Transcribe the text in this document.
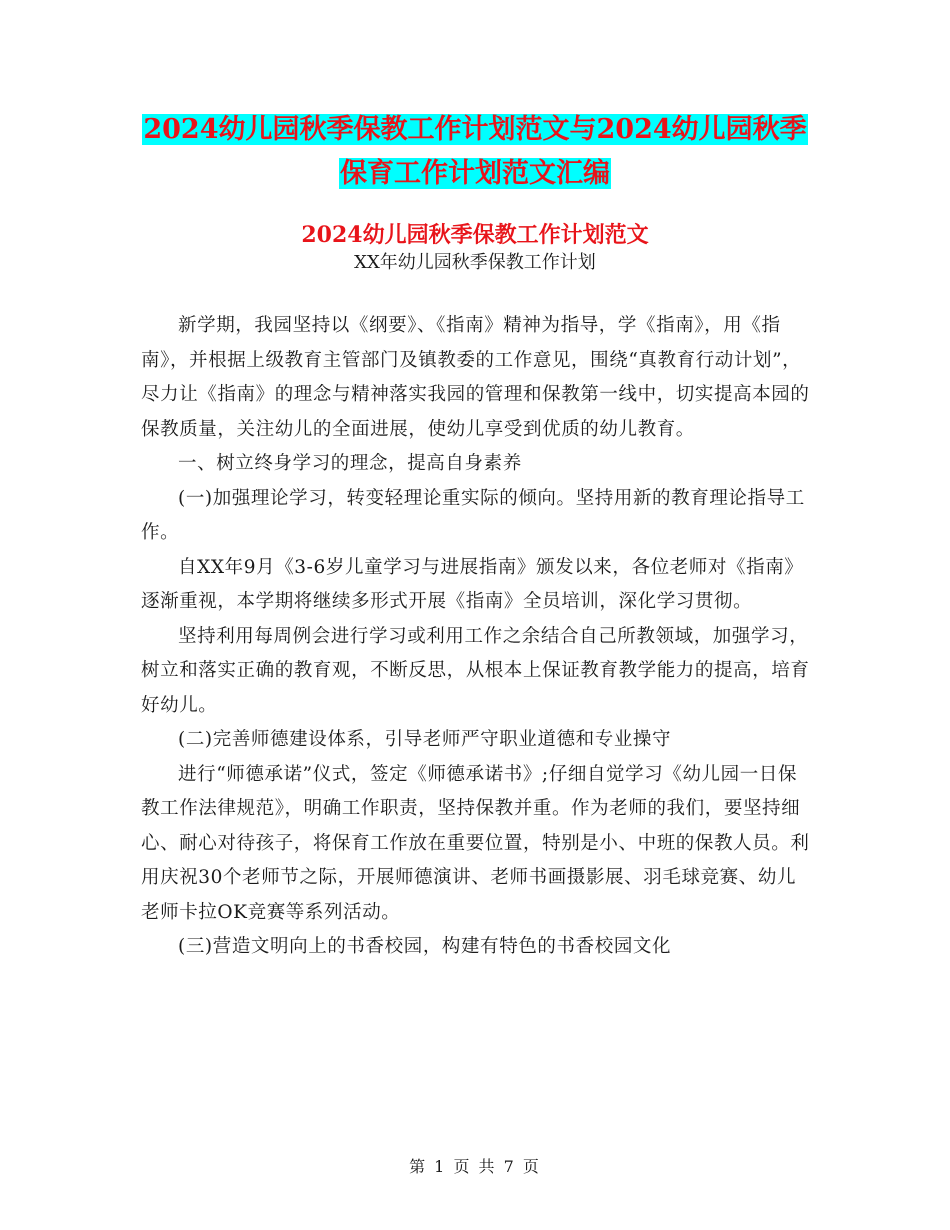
2024幼儿园秋季保教工作计划范文与2024幼儿园秋季
保育工作计划范文汇编
2024幼儿园秋季保教工作计划范文
XX年幼儿园秋季保教工作计划

新学期，我园坚持以《纲要》、《指南》精神为指导，学《指南》，用《指南》，并根据上级教育主管部门及镇教委的工作意见，围绕“真教育行动计划”，尽力让《指南》的理念与精神落实我园的管理和保教第一线中，切实提高本园的保教质量，关注幼儿的全面进展，使幼儿享受到优质的幼儿教育。

一、树立终身学习的理念，提高自身素养

(一)加强理论学习，转变轻理论重实际的倾向。坚持用新的教育理论指导工作。

自XX年9月《3-6岁儿童学习与进展指南》颁发以来，各位老师对《指南》逐渐重视，本学期将继续多形式开展《指南》全员培训，深化学习贯彻。

坚持利用每周例会进行学习或利用工作之余结合自己所教领域，加强学习，树立和落实正确的教育观，不断反思，从根本上保证教育教学能力的提高，培育好幼儿。

(二)完善师德建设体系，引导老师严守职业道德和专业操守

进行“师德承诺”仪式，签定《师德承诺书》;仔细自觉学习《幼儿园一日保教工作法律规范》，明确工作职责，坚持保教并重。作为老师的我们，要坚持细心、耐心对待孩子，将保育工作放在重要位置，特别是小、中班的保教人员。利用庆祝30个老师节之际，开展师德演讲、老师书画摄影展、羽毛球竞赛、幼儿老师卡拉OK竞赛等系列活动。

(三)营造文明向上的书香校园，构建有特色的书香校园文化

第 1 页 共 7 页
